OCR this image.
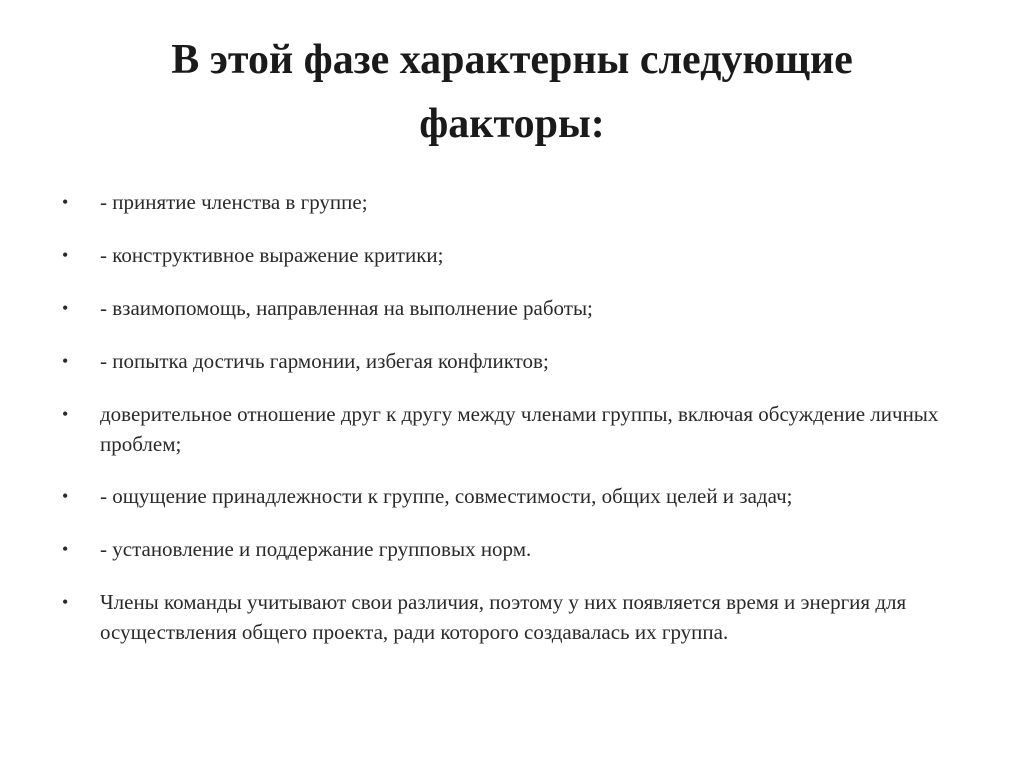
В этой фазе характерны следующие
факторы:
•	- принятие членства в группе;
•	- конструктивное выражение критики;
•	- взаимопомощь, направленная на выполнение работы;
•	- попытка достичь гармонии, избегая конфликтов;
•	доверительное отношение друг к другу между членами группы, включая обсуждение личных проблем;
•	- ощущение принадлежности к группе, совместимости, общих целей и задач;
•	- установление и поддержание групповых норм.
•	Члены команды учитывают свои различия, поэтому у них появляется время и энергия для осуществления общего проекта, ради которого создавалась их группа.
